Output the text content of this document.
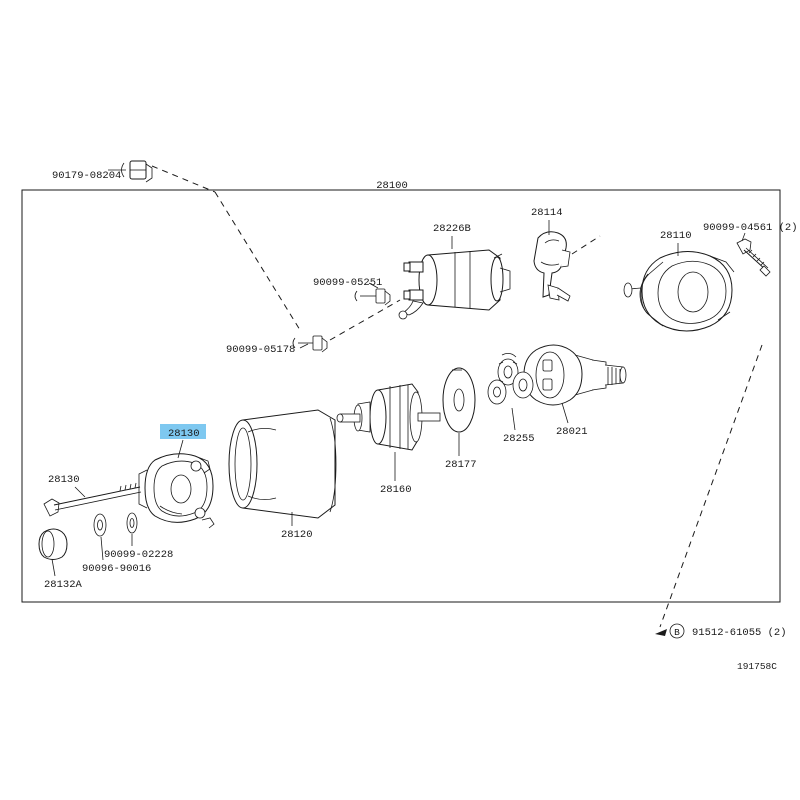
90179-08204
28100
28226B
28114
28110
90099-04561 (2)
90099-05251
90099-05178
28021
28255
28177
28160
28120
28130
28130
90099-02228
90096-90016
28132A
B 91512-61055 (2)
191758C
